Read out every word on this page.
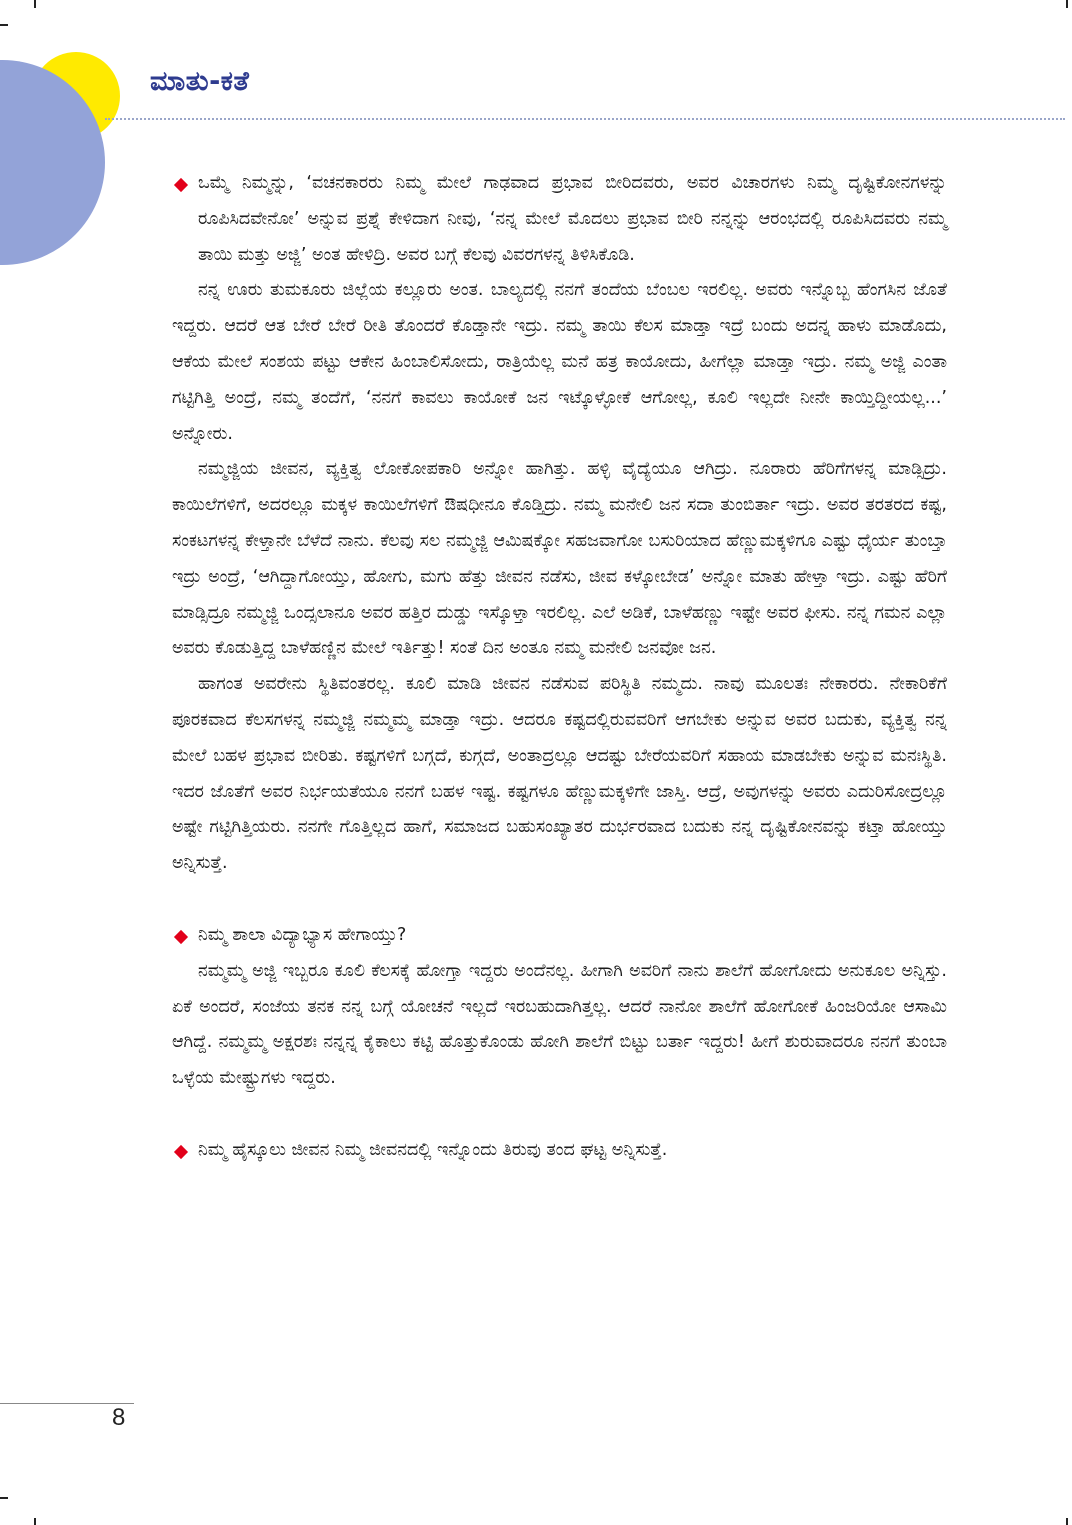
ಮಾತು-ಕತೆ

ಒಮ್ಮೆ ನಿಮ್ಮನ್ನು, ‘ವಚನಕಾರರು ನಿಮ್ಮ ಮೇಲೆ ಗಾಢವಾದ ಪ್ರಭಾವ ಬೀರಿದವರು, ಅವರ ವಿಚಾರಗಳು ನಿಮ್ಮ ದೃಷ್ಟಿಕೋನಗಳನ್ನು ರೂಪಿಸಿದವೇನೋ’ ಅನ್ನುವ ಪ್ರಶ್ನೆ ಕೇಳಿದಾಗ ನೀವು, ‘ನನ್ನ ಮೇಲೆ ಮೊದಲು ಪ್ರಭಾವ ಬೀರಿ ನನ್ನನ್ನು ಆರಂಭದಲ್ಲಿ ರೂಪಿಸಿದವರು ನಮ್ಮ ತಾಯಿ ಮತ್ತು ಅಜ್ಜಿ’ ಅಂತ ಹೇಳಿದ್ರಿ. ಅವರ ಬಗ್ಗೆ ಕೆಲವು ವಿವರಗಳನ್ನ ತಿಳಿಸಿಕೊಡಿ.

ನನ್ನ ಊರು ತುಮಕೂರು ಜಿಲ್ಲೆಯ ಕಲ್ಲೂರು ಅಂತ. ಬಾಲ್ಯದಲ್ಲಿ ನನಗೆ ತಂದೆಯ ಬೆಂಬಲ ಇರಲಿಲ್ಲ. ಅವರು ಇನ್ನೊಬ್ಬ ಹೆಂಗಸಿನ ಜೊತೆ ಇದ್ದರು. ಆದರೆ ಆತ ಬೇರೆ ಬೇರೆ ರೀತಿ ತೊಂದರೆ ಕೊಡ್ತಾನೇ ಇದ್ರು. ನಮ್ಮ ತಾಯಿ ಕೆಲಸ ಮಾಡ್ತಾ ಇದ್ರೆ ಬಂದು ಅದನ್ನ ಹಾಳು ಮಾಡೊದು, ಆಕೆಯ ಮೇಲೆ ಸಂಶಯ ಪಟ್ಟು ಆಕೇನ ಹಿಂಬಾಲಿಸೋದು, ರಾತ್ರಿಯೆಲ್ಲ ಮನೆ ಹತ್ರ ಕಾಯೋದು, ಹೀಗೆಲ್ಲಾ ಮಾಡ್ತಾ ಇದ್ರು. ನಮ್ಮ ಅಜ್ಜಿ ಎಂತಾ ಗಟ್ಟಿಗಿತ್ತಿ ಅಂದ್ರೆ, ನಮ್ಮ ತಂದೆಗೆ, ‘ನನಗೆ ಕಾವಲು ಕಾಯೋಕೆ ಜನ ಇಟ್ಕೊಳ್ಳೋಕೆ ಆಗೋಲ್ಲ, ಕೂಲಿ ಇಲ್ಲದೇ ನೀನೇ ಕಾಯ್ತಿದ್ದೀಯಲ್ಲ...’ ಅನ್ನೋರು.

ನಮ್ಮಜ್ಜಿಯ ಜೀವನ, ವ್ಯಕ್ತಿತ್ವ ಲೋಕೋಪಕಾರಿ ಅನ್ನೋ ಹಾಗಿತ್ತು. ಹಳ್ಳಿ ವೈದ್ಯೆಯೂ ಆಗಿದ್ರು. ನೂರಾರು ಹೆರಿಗೆಗಳನ್ನ ಮಾಡ್ಸಿದ್ರು. ಕಾಯಿಲೆಗಳಿಗೆ, ಅದರಲ್ಲೂ ಮಕ್ಕಳ ಕಾಯಿಲೆಗಳಿಗೆ ಔಷಧೀನೂ ಕೊಡ್ತಿದ್ರು. ನಮ್ಮ ಮನೇಲಿ ಜನ ಸದಾ ತುಂಬಿರ್ತಾ ಇದ್ರು. ಅವರ ತರತರದ ಕಷ್ಟ, ಸಂಕಟಗಳನ್ನ ಕೇಳ್ತಾನೇ ಬೆಳೆದೆ ನಾನು. ಕೆಲವು ಸಲ ನಮ್ಮಜ್ಜಿ ಆಮಿಷಕ್ಕೋ ಸಹಜವಾಗೋ ಬಸುರಿಯಾದ ಹೆಣ್ಣುಮಕ್ಕಳಿಗೂ ಎಷ್ಟು ಧೈರ್ಯ ತುಂಬ್ತಾ ಇದ್ರು ಅಂದ್ರೆ, ‘ಆಗಿದ್ದಾಗೋಯ್ತು, ಹೋಗು, ಮಗು ಹೆತ್ತು ಜೀವನ ನಡೆಸು, ಜೀವ ಕಳ್ಕೋಬೇಡ’ ಅನ್ನೋ ಮಾತು ಹೇಳ್ತಾ ಇದ್ರು. ಎಷ್ಟು ಹೆರಿಗೆ ಮಾಡ್ಸಿದ್ರೂ ನಮ್ಮಜ್ಜಿ ಒಂದ್ಸಲಾನೂ ಅವರ ಹತ್ತಿರ ದುಡ್ಡು ಇಸ್ಕೊಳ್ತಾ ಇರಲಿಲ್ಲ. ಎಲೆ ಅಡಿಕೆ, ಬಾಳೆಹಣ್ಣು ಇಷ್ಟೇ ಅವರ ಫೀಸು. ನನ್ನ ಗಮನ ಎಲ್ಲಾ ಅವರು ಕೊಡುತ್ತಿದ್ದ ಬಾಳೆಹಣ್ಣಿನ ಮೇಲೆ ಇರ್ತಿತ್ತು! ಸಂತೆ ದಿನ ಅಂತೂ ನಮ್ಮ ಮನೇಲಿ ಜನವೋ ಜನ.

ಹಾಗಂತ ಅವರೇನು ಸ್ಥಿತಿವಂತರಲ್ಲ. ಕೂಲಿ ಮಾಡಿ ಜೀವನ ನಡೆಸುವ ಪರಿಸ್ಥಿತಿ ನಮ್ಮದು. ನಾವು ಮೂಲತಃ ನೇಕಾರರು. ನೇಕಾರಿಕೆಗೆ ಪೂರಕವಾದ ಕೆಲಸಗಳನ್ನ ನಮ್ಮಜ್ಜಿ ನಮ್ಮಮ್ಮ ಮಾಡ್ತಾ ಇದ್ರು. ಆದರೂ ಕಷ್ಟದಲ್ಲಿರುವವರಿಗೆ ಆಗಬೇಕು ಅನ್ನುವ ಅವರ ಬದುಕು, ವ್ಯಕ್ತಿತ್ವ ನನ್ನ ಮೇಲೆ ಬಹಳ ಪ್ರಭಾವ ಬೀರಿತು. ಕಷ್ಟಗಳಿಗೆ ಬಗ್ಗದೆ, ಕುಗ್ಗದೆ, ಅಂತಾದ್ರಲ್ಲೂ ಆದಷ್ಟು ಬೇರೆಯವರಿಗೆ ಸಹಾಯ ಮಾಡಬೇಕು ಅನ್ನುವ ಮನಃಸ್ಥಿತಿ. ಇದರ ಜೊತೆಗೆ ಅವರ ನಿರ್ಭಯತೆಯೂ ನನಗೆ ಬಹಳ ಇಷ್ಟ. ಕಷ್ಟಗಳೂ ಹೆಣ್ಣುಮಕ್ಕಳಿಗೇ ಜಾಸ್ತಿ. ಆದ್ರೆ, ಅವುಗಳನ್ನು ಅವರು ಎದುರಿಸೋದ್ರಲ್ಲೂ ಅಷ್ಟೇ ಗಟ್ಟಿಗಿತ್ತಿಯರು. ನನಗೇ ಗೊತ್ತಿಲ್ಲದ ಹಾಗೆ, ಸಮಾಜದ ಬಹುಸಂಖ್ಯಾತರ ದುರ್ಭರವಾದ ಬದುಕು ನನ್ನ ದೃಷ್ಟಿಕೋನವನ್ನು ಕಟ್ತಾ ಹೋಯ್ತು ಅನ್ನಿಸುತ್ತೆ.

ನಿಮ್ಮ ಶಾಲಾ ವಿದ್ಯಾಭ್ಯಾಸ ಹೇಗಾಯ್ತು?

ನಮ್ಮಮ್ಮ ಅಜ್ಜಿ ಇಬ್ಬರೂ ಕೂಲಿ ಕೆಲಸಕ್ಕೆ ಹೋಗ್ತಾ ಇದ್ದರು ಅಂದೆನಲ್ಲ. ಹೀಗಾಗಿ ಅವರಿಗೆ ನಾನು ಶಾಲೆಗೆ ಹೋಗೋದು ಅನುಕೂಲ ಅನ್ನಿಸ್ತು. ಏಕೆ ಅಂದರೆ, ಸಂಜೆಯ ತನಕ ನನ್ನ ಬಗ್ಗೆ ಯೋಚನೆ ಇಲ್ಲದೆ ಇರಬಹುದಾಗಿತ್ತಲ್ಲ. ಆದರೆ ನಾನೋ ಶಾಲೆಗೆ ಹೋಗೋಕೆ ಹಿಂಜರಿಯೋ ಆಸಾಮಿ ಆಗಿದ್ದೆ. ನಮ್ಮಮ್ಮ ಅಕ್ಷರಶಃ ನನ್ನನ್ನ ಕೈಕಾಲು ಕಟ್ಟಿ ಹೊತ್ತುಕೊಂಡು ಹೋಗಿ ಶಾಲೆಗೆ ಬಿಟ್ಟು ಬರ್ತಾ ಇದ್ದರು! ಹೀಗೆ ಶುರುವಾದರೂ ನನಗೆ ತುಂಬಾ ಒಳ್ಳೆಯ ಮೇಷ್ಟ್ರುಗಳು ಇದ್ದರು.

ನಿಮ್ಮ ಹೈಸ್ಕೂಲು ಜೀವನ ನಿಮ್ಮ ಜೀವನದಲ್ಲಿ ಇನ್ನೊಂದು ತಿರುವು ತಂದ ಘಟ್ಟ ಅನ್ನಿಸುತ್ತೆ.

8
